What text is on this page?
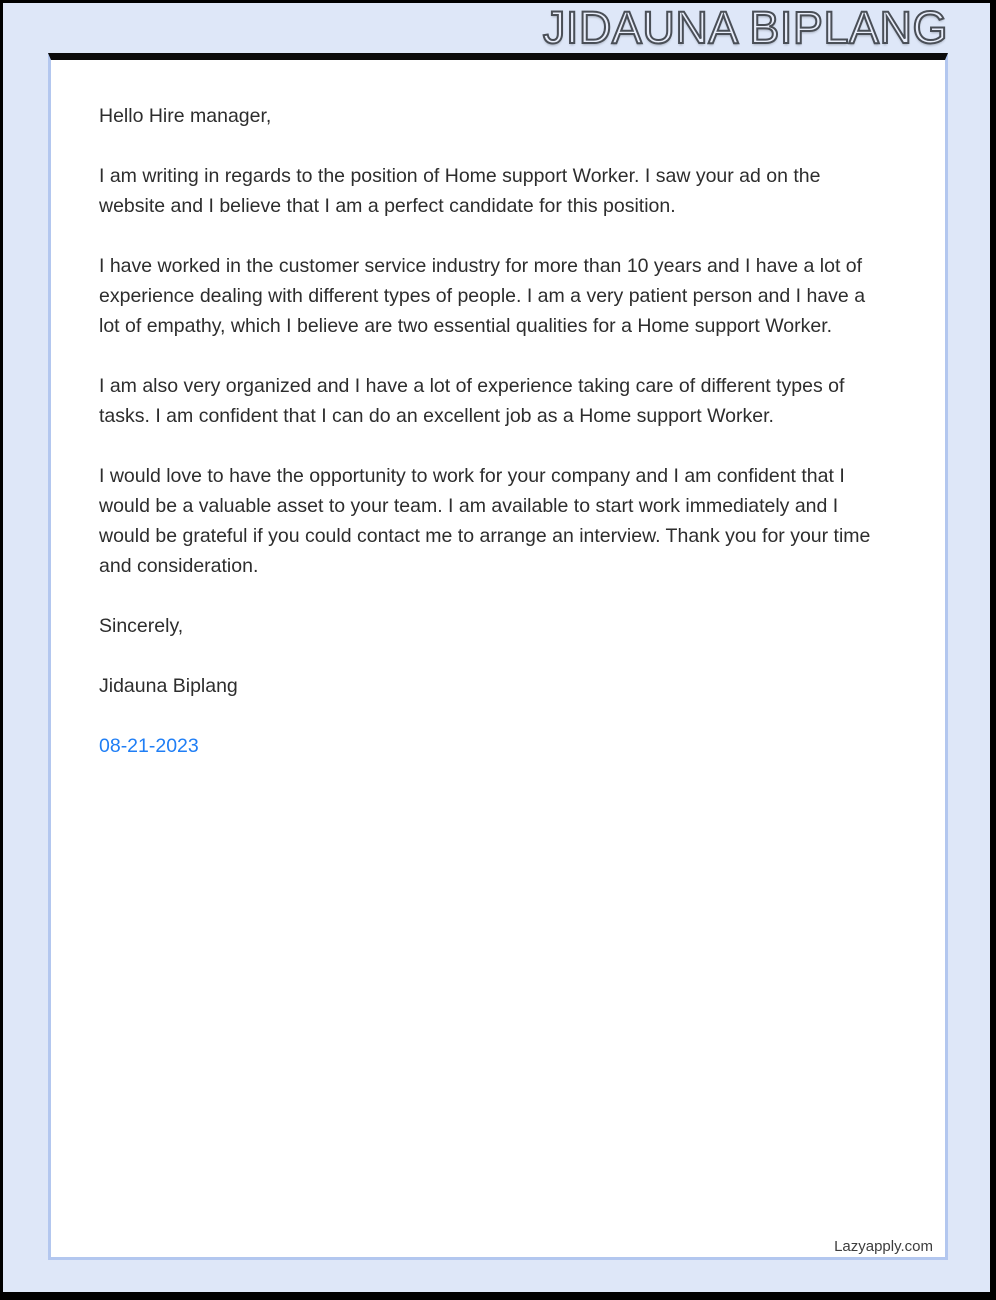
JIDAUNA BIPLANG

Hello Hire manager,

I am writing in regards to the position of Home support Worker. I saw your ad on the website and I believe that I am a perfect candidate for this position.

I have worked in the customer service industry for more than 10 years and I have a lot of experience dealing with different types of people. I am a very patient person and I have a lot of empathy, which I believe are two essential qualities for a Home support Worker.

I am also very organized and I have a lot of experience taking care of different types of tasks. I am confident that I can do an excellent job as a Home support Worker.

I would love to have the opportunity to work for your company and I am confident that I would be a valuable asset to your team. I am available to start work immediately and I would be grateful if you could contact me to arrange an interview. Thank you for your time and consideration.

Sincerely,

Jidauna Biplang

08-21-2023

Lazyapply.com
